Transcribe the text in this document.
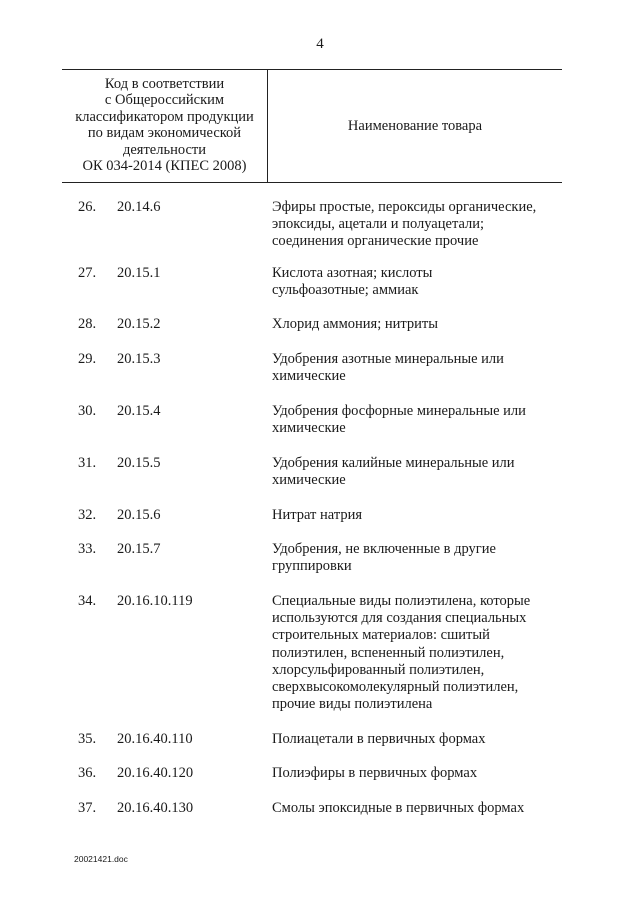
4
Код в соответствии
с Общероссийским
классификатором продукции
по видам экономической
деятельности
ОК 034-2014 (КПЕС 2008)
Наименование товара
26.	20.14.6	Эфиры простые, пероксиды органические,
эпоксиды, ацетали и полуацетали;
соединения органические прочие
27.	20.15.1	Кислота азотная; кислоты
сульфоазотные; аммиак
28.	20.15.2	Хлорид аммония; нитриты
29.	20.15.3	Удобрения азотные минеральные или
химические
30.	20.15.4	Удобрения фосфорные минеральные или
химические
31.	20.15.5	Удобрения калийные минеральные или
химические
32.	20.15.6	Нитрат натрия
33.	20.15.7	Удобрения, не включенные в другие
группировки
34.	20.16.10.119	Специальные виды полиэтилена, которые
используются для создания специальных
строительных материалов: сшитый
полиэтилен, вспененный полиэтилен,
хлорсульфированный полиэтилен,
сверхвысокомолекулярный полиэтилен,
прочие виды полиэтилена
35.	20.16.40.110	Полиацетали в первичных формах
36.	20.16.40.120	Полиэфиры в первичных формах
37.	20.16.40.130	Смолы эпоксидные в первичных формах
20021421.doc
